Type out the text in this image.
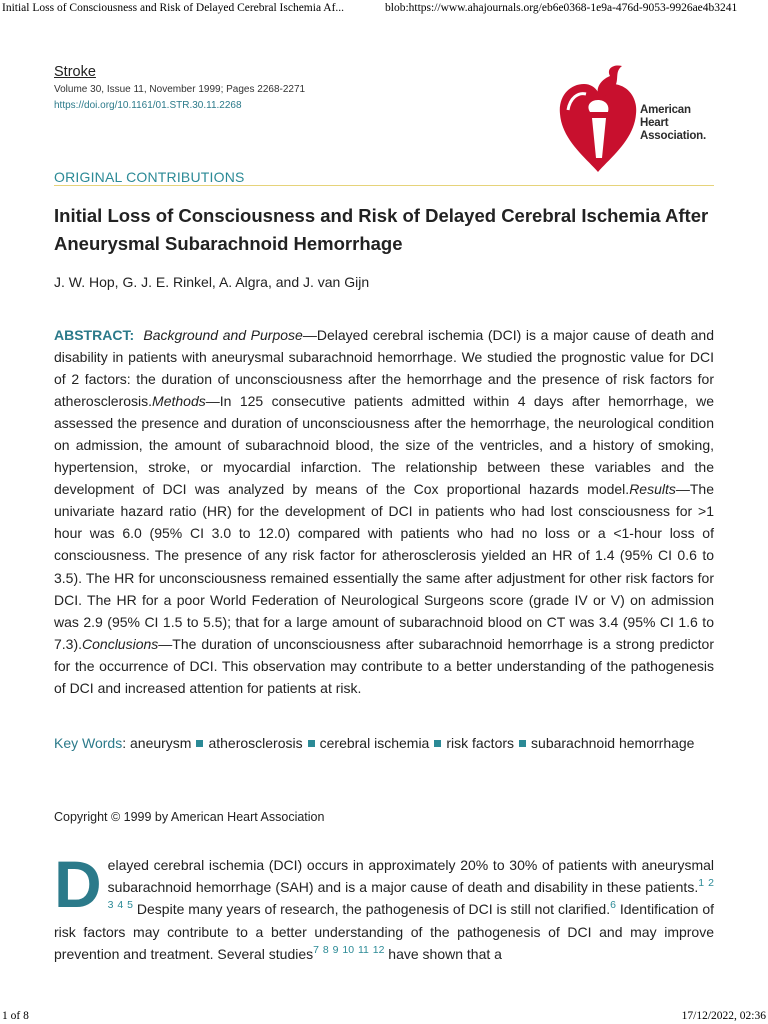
Initial Loss of Consciousness and Risk of Delayed Cerebral Ischemia Af...	blob:https://www.ahajournals.org/eb6e0368-1e9a-476d-9053-9926ae4b3241
Stroke
Volume 30, Issue 11, November 1999; Pages 2268-2271
https://doi.org/10.1161/01.STR.30.11.2268	American
Heart
Association.
ORIGINAL CONTRIBUTIONS
Initial Loss of Consciousness and Risk of Delayed Cerebral Ischemia After Aneurysmal Subarachnoid Hemorrhage
J. W. Hop, G. J. E. Rinkel, A. Algra, and J. van Gijn
ABSTRACT: Background and Purpose—Delayed cerebral ischemia (DCI) is a major cause of death and disability in patients with aneurysmal subarachnoid hemorrhage. We studied the prognostic value for DCI of 2 factors: the duration of unconsciousness after the hemorrhage and the presence of risk factors for atherosclerosis.Methods—In 125 consecutive patients admitted within 4 days after hemorrhage, we assessed the presence and duration of unconsciousness after the hemorrhage, the neurological condition on admission, the amount of subarachnoid blood, the size of the ventricles, and a history of smoking, hypertension, stroke, or myocardial infarction. The relationship between these variables and the development of DCI was analyzed by means of the Cox proportional hazards model.Results—The univariate hazard ratio (HR) for the development of DCI in patients who had lost consciousness for >1 hour was 6.0 (95% CI 3.0 to 12.0) compared with patients who had no loss or a <1-hour loss of consciousness. The presence of any risk factor for atherosclerosis yielded an HR of 1.4 (95% CI 0.6 to 3.5). The HR for unconsciousness remained essentially the same after adjustment for other risk factors for DCI. The HR for a poor World Federation of Neurological Surgeons score (grade IV or V) on admission was 2.9 (95% CI 1.5 to 5.5); that for a large amount of subarachnoid blood on CT was 3.4 (95% CI 1.6 to 7.3).Conclusions—The duration of unconsciousness after subarachnoid hemorrhage is a strong predictor for the occurrence of DCI. This observation may contribute to a better understanding of the pathogenesis of DCI and increased attention for patients at risk.
Key Words: aneurysm atherosclerosis cerebral ischemia risk factors subarachnoid hemorrhage
Copyright © 1999 by American Heart Association
Delayed cerebral ischemia (DCI) occurs in approximately 20% to 30% of patients with aneurysmal subarachnoid hemorrhage (SAH) and is a major cause of death and disability in these patients.$^1$ $^2$ $^3$ $^4$ $^5$ Despite many years of research, the pathogenesis of DCI is still not clarified.$^6$ Identification of risk factors may contribute to a better understanding of the pathogenesis of DCI and may improve prevention and treatment. Several studies$^7$ $^8$ $^9$ $^{10}$ $^{11}$ $^{12}$ have shown that a
1 of 8	17/12/2022, 02:36
